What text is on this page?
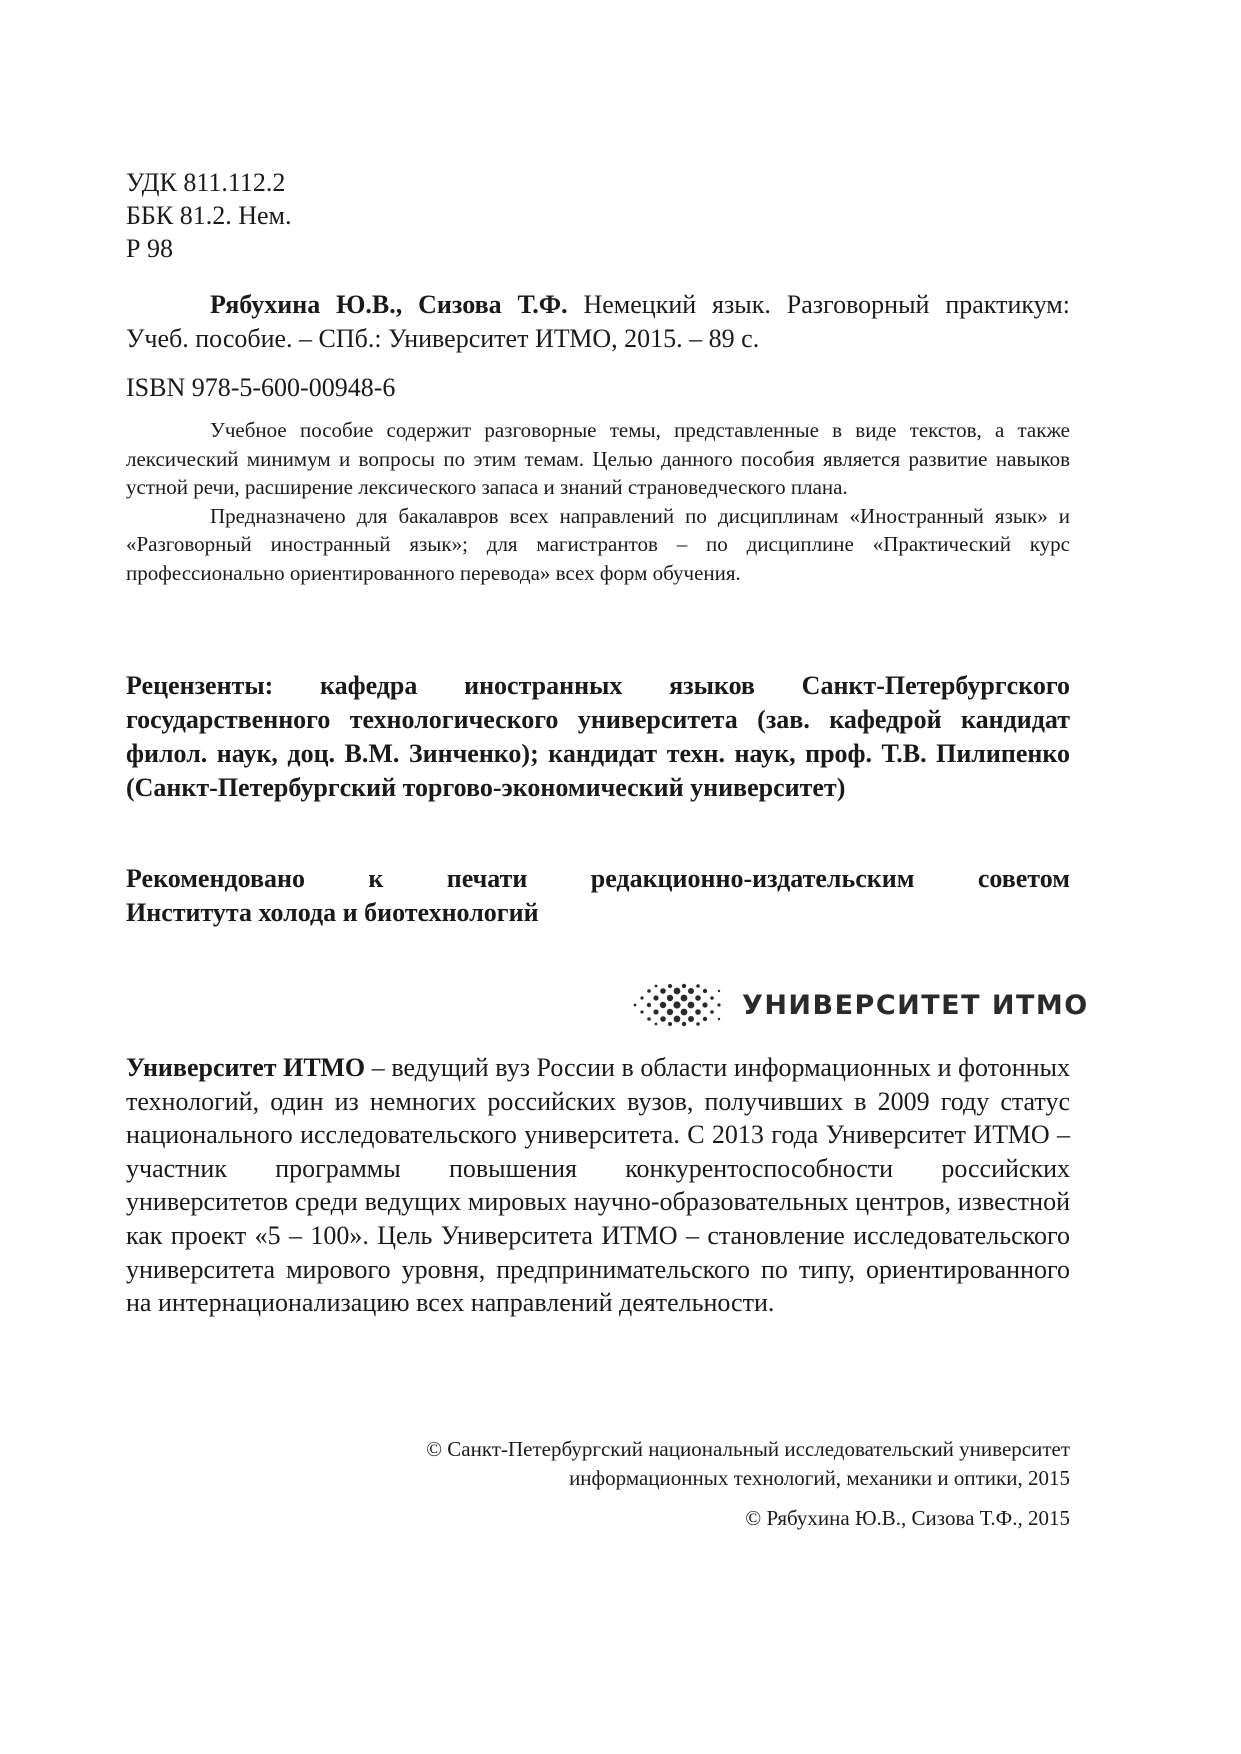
УДК 811.112.2
ББК 81.2. Нем.
Р 98

Рябухина Ю.В., Сизова Т.Ф. Немецкий язык. Разговорный практикум: Учеб. пособие. – СПб.: Университет ИТМО, 2015. – 89 с.

ISBN 978-5-600-00948-6

Учебное пособие содержит разговорные темы, представленные в виде текстов, а также лексический минимум и вопросы по этим темам. Целью данного пособия является развитие навыков устной речи, расширение лексического запаса и знаний страноведческого плана.

Предназначено для бакалавров всех направлений по дисциплинам «Иностранный язык» и «Разговорный иностранный язык»; для магистрантов – по дисциплине «Практический курс профессионально ориентированного перевода» всех форм обучения.

Рецензенты: кафедра иностранных языков Санкт-Петербургского государственного технологического университета (зав. кафедрой кандидат филол. наук, доц. В.М. Зинченко); кандидат техн. наук, проф. Т.В. Пилипенко (Санкт-Петербургский торгово-экономический университет)

Рекомендовано к печати редакционно-издательским советом
Института холода и биотехнологий
УНИВЕРСИТЕТ ИТМО

Университет ИТМО – ведущий вуз России в области информационных и фотонных технологий, один из немногих российских вузов, получивших в 2009 году статус национального исследовательского университета. С 2013 года Университет ИТМО – участник программы повышения конкурентоспособности российских университетов среди ведущих мировых научно-образовательных центров, известной как проект «5 – 100». Цель Университета ИТМО – становление исследовательского университета мирового уровня, предпринимательского по типу, ориентированного на интернационализацию всех направлений деятельности.

© Санкт-Петербургский национальный исследовательский университет

информационных технологий, механики и оптики, 2015

© Рябухина Ю.В., Сизова Т.Ф., 2015
